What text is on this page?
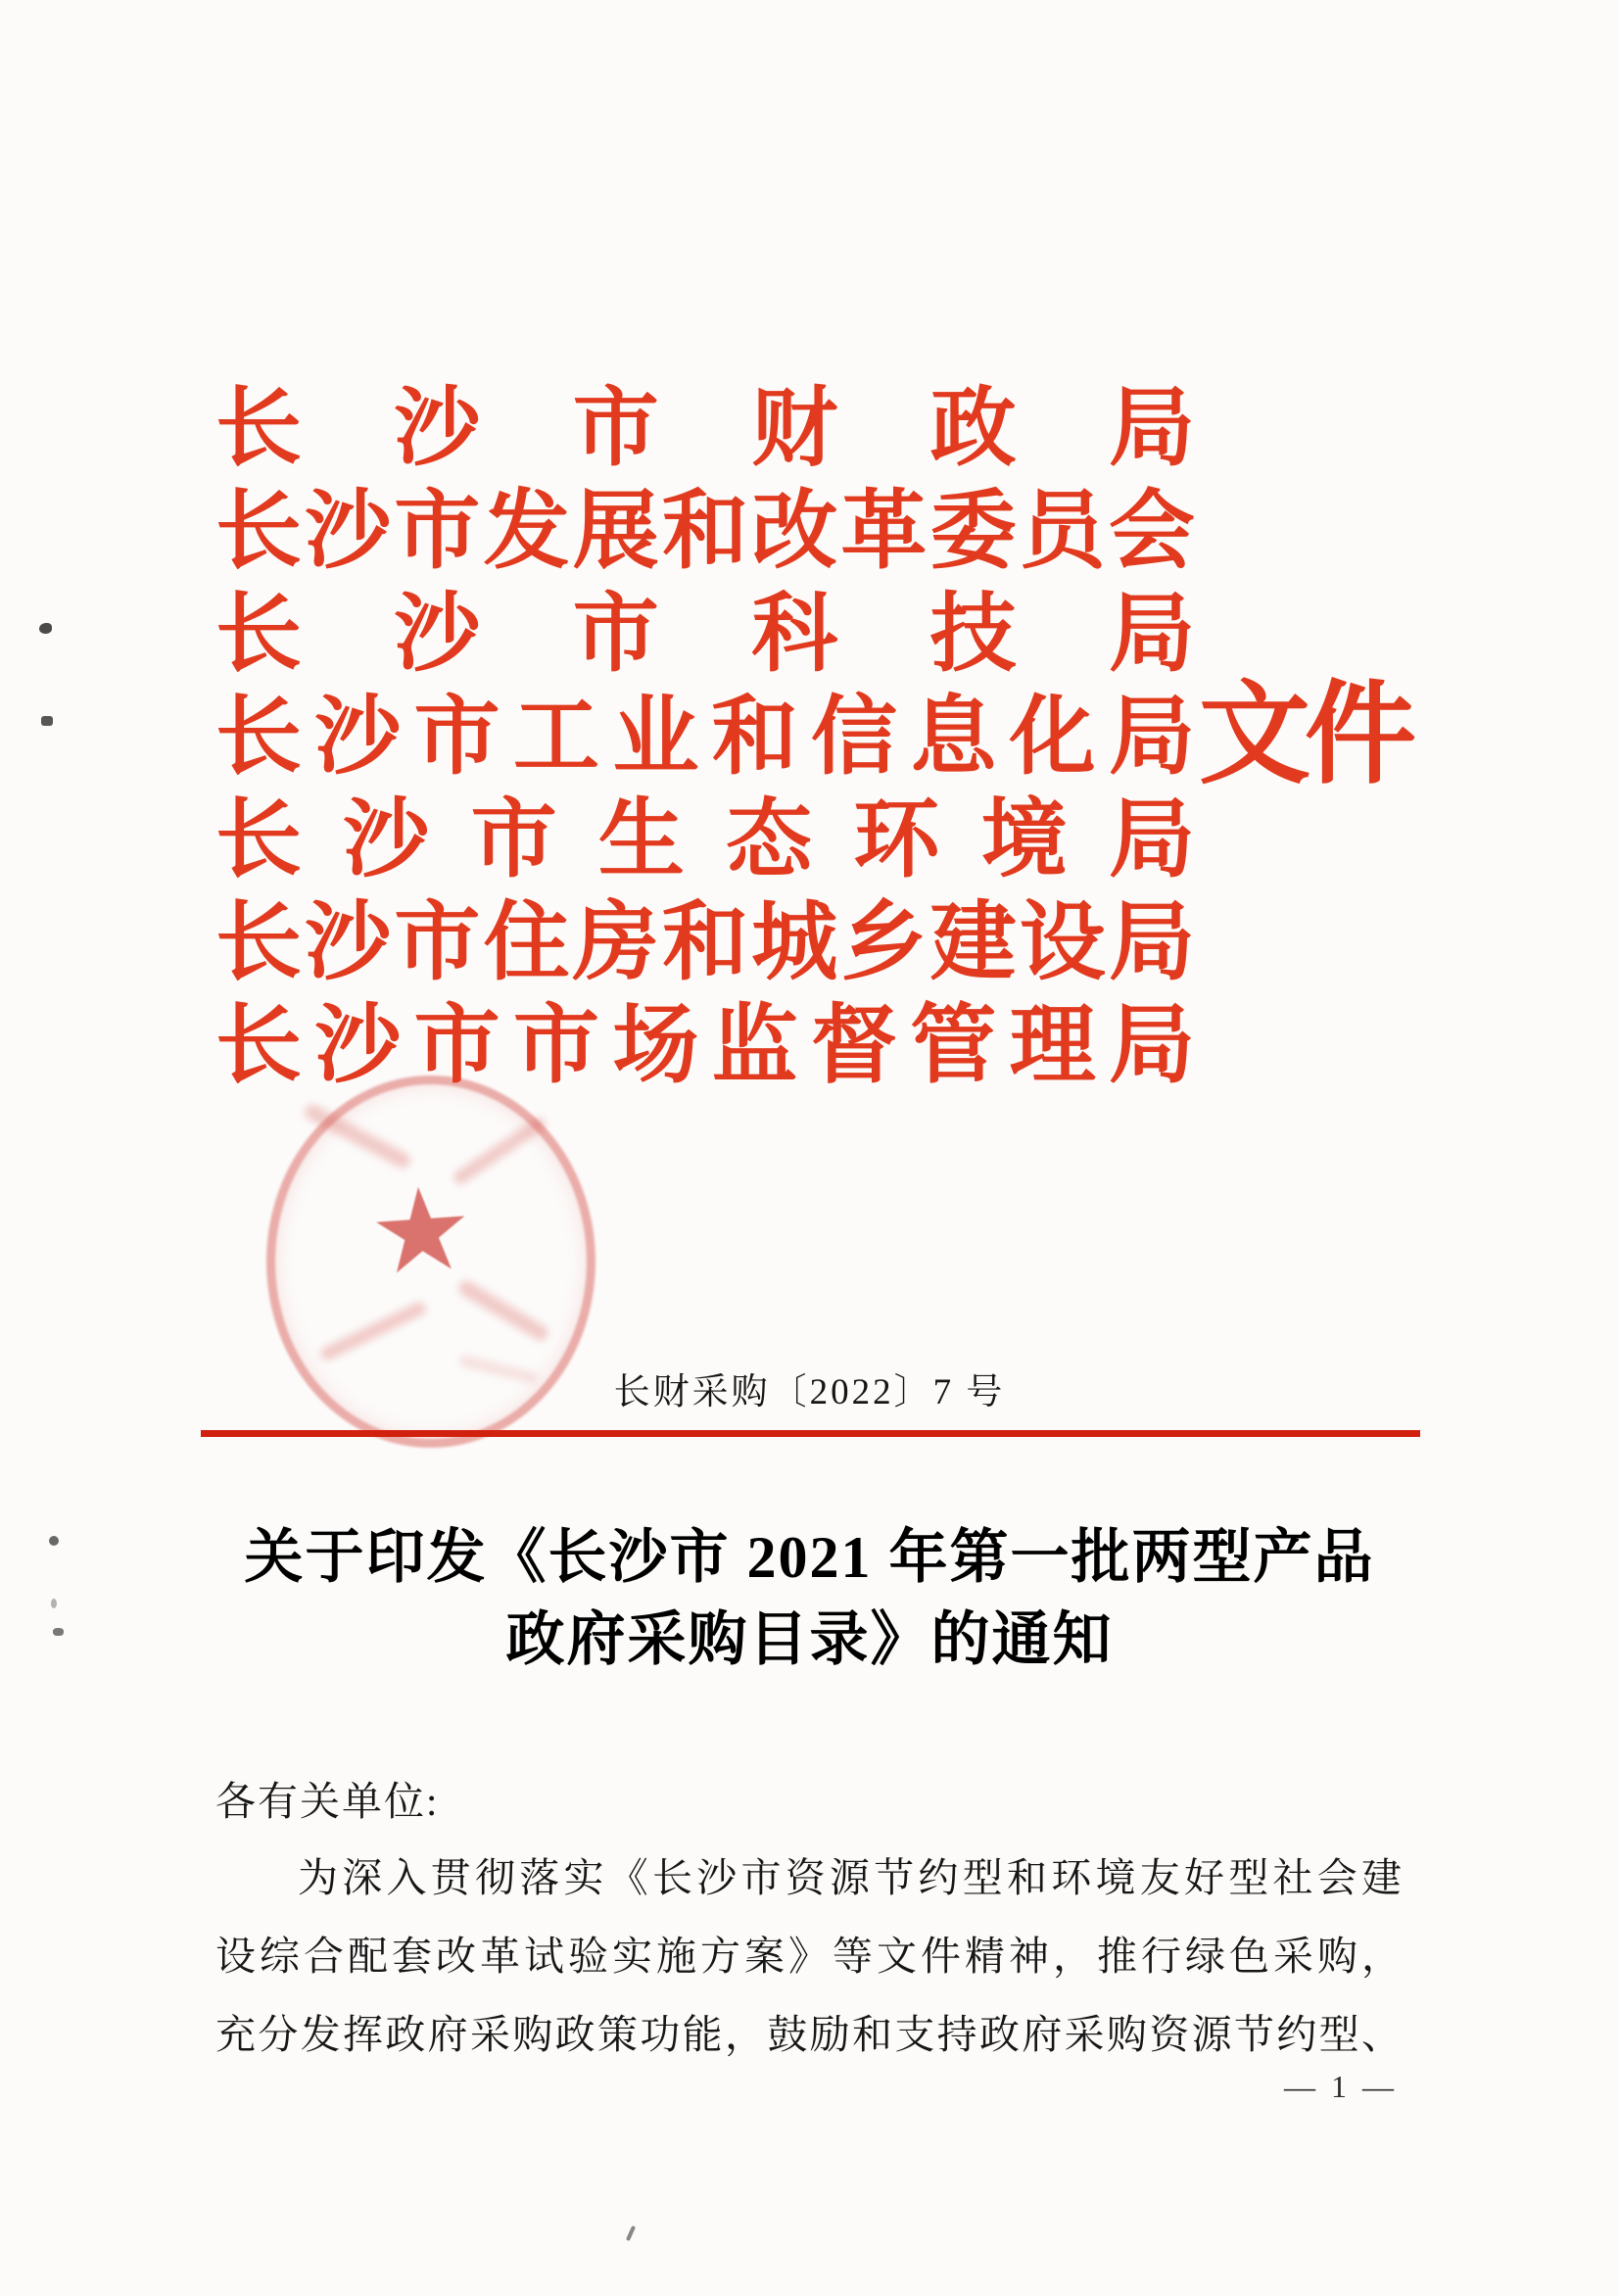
★
长沙市财政局
长沙市发展和改革委员会
长沙市科技局
长沙市工业和信息化局
长沙市生态环境局
长沙市住房和城乡建设局
长沙市市场监督管理局
文件
长财采购〔2022〕7 号
关于印发《长沙市 2021 年第一批两型产品
政府采购目录》的通知
各有关单位:
为深入贯彻落实《长沙市资源节约型和环境友好型社会建
设综合配套改革试验实施方案》等文件精神，推行绿色采购，
充分发挥政府采购政策功能，鼓励和支持政府采购资源节约型、
— 1 —
